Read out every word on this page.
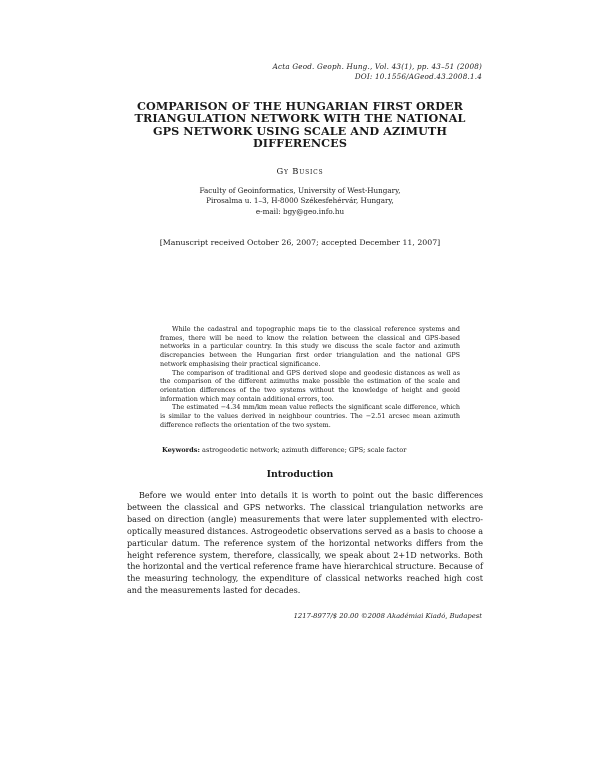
Acta Geod. Geoph. Hung., Vol. 43(1), pp. 43–51 (2008)
DOI: 10.1556/AGeod.43.2008.1.4
COMPARISON OF THE HUNGARIAN FIRST ORDER
TRIANGULATION NETWORK WITH THE NATIONAL
GPS NETWORK USING SCALE AND AZIMUTH
DIFFERENCES
Gy Busics
Faculty of Geoinformatics, University of West-Hungary,
Pirosalma u. 1–3, H-8000 Székesfehérvár, Hungary,
e-mail: bgy@geo.info.hu
[Manuscript received October 26, 2007; accepted December 11, 2007]

While the cadastral and topographic maps tie to the classical reference systems and frames, there will be need to know the relation between the classical and GPS-based networks in a particular country. In this study we discuss the scale factor and azimuth discrepancies between the Hungarian first order triangulation and the national GPS network emphasising their practical significance.

The comparison of traditional and GPS derived slope and geodesic distances as well as the comparison of the different azimuths make possible the estimation of the scale and orientation differences of the two systems without the knowledge of height and geoid information which may contain additional errors, too.

The estimated −4.34 mm/km mean value reflects the significant scale difference, which is similar to the values derived in neighbour countries. The −2.51 arcsec mean azimuth difference reflects the orientation of the two system.

Keywords: astrogeodetic network; azimuth difference; GPS; scale factor
Introduction

Before we would enter into details it is worth to point out the basic differences between the classical and GPS networks. The classical triangulation networks are based on direction (angle) measurements that were later supplemented with electro-optically measured distances. Astrogeodetic observations served as a basis to choose a particular datum. The reference system of the horizontal networks differs from the height reference system, therefore, classically, we speak about 2+1D networks. Both the horizontal and the vertical reference frame have hierarchical structure. Because of the measuring technology, the expenditure of classical networks reached high cost and the measurements lasted for decades.

1217-8977/$ 20.00 ©2008 Akadémiai Kiadó, Budapest
